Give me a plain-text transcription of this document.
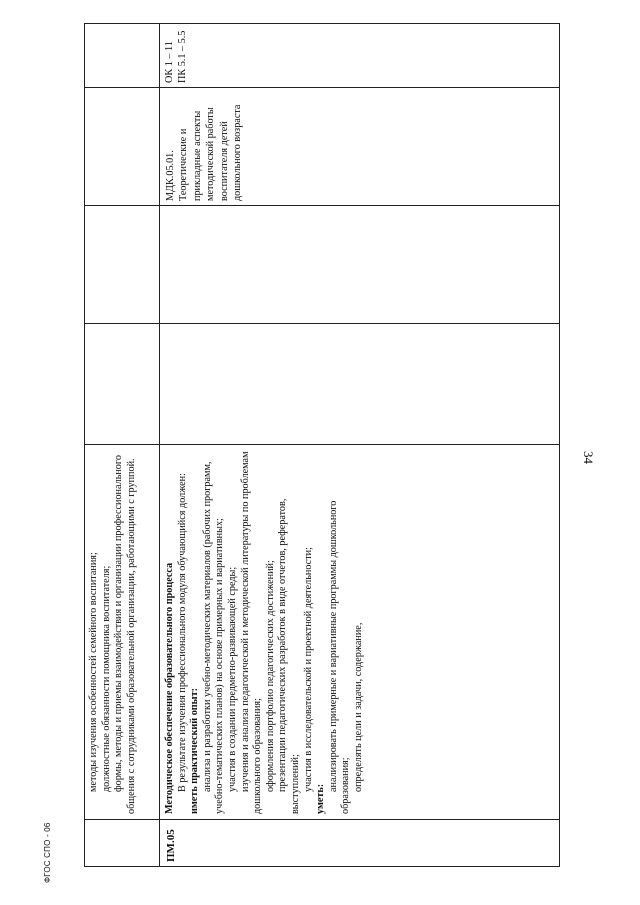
34
ФГОС СПО - 06

методы изучения особенностей семейного воспитания; должностные обязанности помощника воспитателя; формы, методы и приемы взаимодействия и организации профессионального общения с сотрудниками образовательной организации, работающими с группой.

ПМ.05

Методическое обеспечение образовательного процесса В результате изучения профессионального модуля обучающийся должен: иметь практический опыт: анализа и разработки учебно-методических материалов (рабочих программ, учебно-тематических планов) на основе примерных и вариативных; участия в создании предметно-развивающей среды; изучения и анализа педагогической и методической литературы по проблемам дошкольного образования; оформления портфолио педагогических достижений; презентации педагогических разработок в виде отчетов, рефератов, выступлений; участия в исследовательской и проектной деятельности;

уметь:

анализировать примерные и вариативные программы дошкольного образования; определять цели и задачи, содержание,

МДК.05.01. Теоретические и прикладные аспекты методической работы воспитателя детей дошкольного возраста

ОК 1 – 11 ПК 5.1 – 5.5
